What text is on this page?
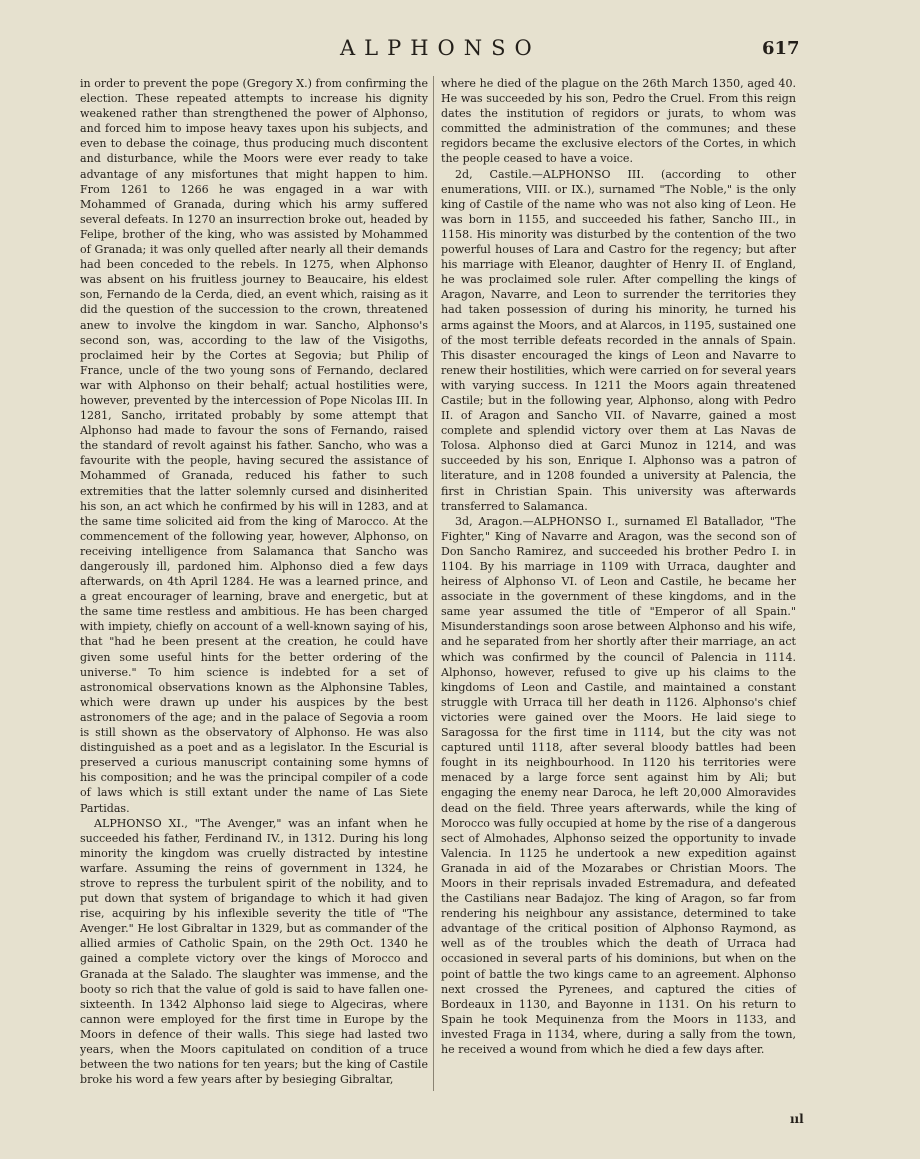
ALPHONSO	617

in order to prevent the pope (Gregory X.) from confirming the election. These repeated attempts to increase his dignity weakened rather than strengthened the power of Alphonso, and forced him to impose heavy taxes upon his subjects, and even to debase the coinage, thus producing much discontent and disturbance, while the Moors were ever ready to take advantage of any misfortunes that might happen to him. From 1261 to 1266 he was engaged in a war with Mohammed of Granada, during which his army suffered several defeats. In 1270 an insurrection broke out, headed by Felipe, brother of the king, who was assisted by Mohammed of Granada; it was only quelled after nearly all their demands had been conceded to the rebels. In 1275, when Alphonso was absent on his fruitless journey to Beaucaire, his eldest son, Fernando de la Cerda, died, an event which, raising as it did the question of the succession to the crown, threatened anew to involve the kingdom in war. Sancho, Alphonso's second son, was, according to the law of the Visigoths, proclaimed heir by the Cortes at Segovia; but Philip of France, uncle of the two young sons of Fernando, declared war with Alphonso on their behalf; actual hostilities were, however, prevented by the intercession of Pope Nicolas III. In 1281, Sancho, irritated probably by some attempt that Alphonso had made to favour the sons of Fernando, raised the standard of revolt against his father. Sancho, who was a favourite with the people, having secured the assistance of Mohammed of Granada, reduced his father to such extremities that the latter solemnly cursed and disinherited his son, an act which he confirmed by his will in 1283, and at the same time solicited aid from the king of Marocco. At the commencement of the following year, however, Alphonso, on receiving intelligence from Salamanca that Sancho was dangerously ill, pardoned him. Alphonso died a few days afterwards, on 4th April 1284. He was a learned prince, and a great encourager of learning, brave and energetic, but at the same time restless and ambitious. He has been charged with impiety, chiefly on account of a well-known saying of his, that "had he been present at the creation, he could have given some useful hints for the better ordering of the universe." To him science is indebted for a set of astronomical observations known as the Alphonsine Tables, which were drawn up under his auspices by the best astronomers of the age; and in the palace of Segovia a room is still shown as the observatory of Alphonso. He was also distinguished as a poet and as a legislator. In the Escurial is preserved a curious manuscript containing some hymns of his composition; and he was the principal compiler of a code of laws which is still extant under the name of Las Siete Partidas.

ALPHONSO XI., "The Avenger," was an infant when he succeeded his father, Ferdinand IV., in 1312. During his long minority the kingdom was cruelly distracted by intestine warfare. Assuming the reins of government in 1324, he strove to repress the turbulent spirit of the nobility, and to put down that system of brigandage to which it had given rise, acquiring by his inflexible severity the title of "The Avenger." He lost Gibraltar in 1329, but as commander of the allied armies of Catholic Spain, on the 29th Oct. 1340 he gained a complete victory over the kings of Morocco and Granada at the Salado. The slaughter was immense, and the booty so rich that the value of gold is said to have fallen one-sixteenth. In 1342 Alphonso laid siege to Algeciras, where cannon were employed for the first time in Europe by the Moors in defence of their walls. This siege had lasted two years, when the Moors capitulated on condition of a truce between the two nations for ten years; but the king of Castile broke his word a few years after by besieging Gibraltar,

where he died of the plague on the 26th March 1350, aged 40. He was succeeded by his son, Pedro the Cruel. From this reign dates the institution of regidors or jurats, to whom was committed the administration of the communes; and these regidors became the exclusive electors of the Cortes, in which the people ceased to have a voice.

2d, Castile.—ALPHONSO III. (according to other enumerations, VIII. or IX.), surnamed "The Noble," is the only king of Castile of the name who was not also king of Leon. He was born in 1155, and succeeded his father, Sancho III., in 1158. His minority was disturbed by the contention of the two powerful houses of Lara and Castro for the regency; but after his marriage with Eleanor, daughter of Henry II. of England, he was proclaimed sole ruler. After compelling the kings of Aragon, Navarre, and Leon to surrender the territories they had taken possession of during his minority, he turned his arms against the Moors, and at Alarcos, in 1195, sustained one of the most terrible defeats recorded in the annals of Spain. This disaster encouraged the kings of Leon and Navarre to renew their hostilities, which were carried on for several years with varying success. In 1211 the Moors again threatened Castile; but in the following year, Alphonso, along with Pedro II. of Aragon and Sancho VII. of Navarre, gained a most complete and splendid victory over them at Las Navas de Tolosa. Alphonso died at Garci Munoz in 1214, and was succeeded by his son, Enrique I. Alphonso was a patron of literature, and in 1208 founded a university at Palencia, the first in Christian Spain. This university was afterwards transferred to Salamanca.

3d, Aragon.—ALPHONSO I., surnamed El Batallador, "The Fighter," King of Navarre and Aragon, was the second son of Don Sancho Ramirez, and succeeded his brother Pedro I. in 1104. By his marriage in 1109 with Urraca, daughter and heiress of Alphonso VI. of Leon and Castile, he became her associate in the government of these kingdoms, and in the same year assumed the title of "Emperor of all Spain." Misunderstandings soon arose between Alphonso and his wife, and he separated from her shortly after their marriage, an act which was confirmed by the council of Palencia in 1114. Alphonso, however, refused to give up his claims to the kingdoms of Leon and Castile, and maintained a constant struggle with Urraca till her death in 1126. Alphonso's chief victories were gained over the Moors. He laid siege to Saragossa for the first time in 1114, but the city was not captured until 1118, after several bloody battles had been fought in its neighbourhood. In 1120 his territories were menaced by a large force sent against him by Ali; but engaging the enemy near Daroca, he left 20,000 Almoravides dead on the field. Three years afterwards, while the king of Morocco was fully occupied at home by the rise of a dangerous sect of Almohades, Alphonso seized the opportunity to invade Valencia. In 1125 he undertook a new expedition against Granada in aid of the Mozarabes or Christian Moors. The Moors in their reprisals invaded Estremadura, and defeated the Castilians near Badajoz. The king of Aragon, so far from rendering his neighbour any assistance, determined to take advantage of the critical position of Alphonso Raymond, as well as of the troubles which the death of Urraca had occasioned in several parts of his dominions, but when on the point of battle the two kings came to an agreement. Alphonso next crossed the Pyrenees, and captured the cities of Bordeaux in 1130, and Bayonne in 1131. On his return to Spain he took Mequinenza from the Moors in 1133, and invested Fraga in 1134, where, during a sally from the town, he received a wound from which he died a few days after.

ııl
